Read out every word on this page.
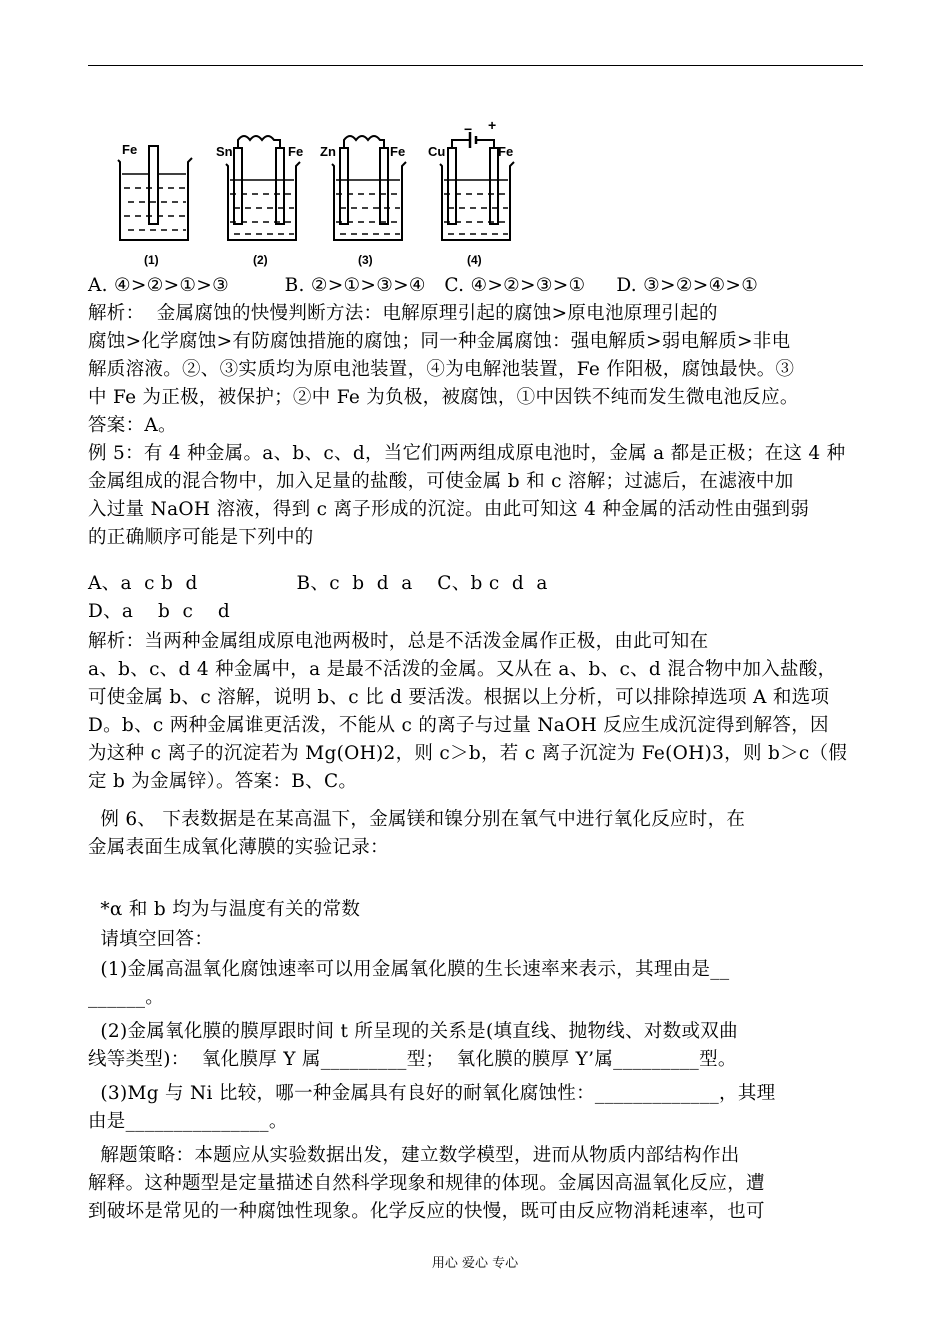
Fe
(1)
Sn	Fe
(2)
Zn	Fe
(3)
− +
Cu	Fe
(4)
A. ④>②>①>③         B. ②>①>③>④   C. ④>②>③>①     D. ③>②>④>①
解析：  金属腐蚀的快慢判断方法：电解原理引起的腐蚀>原电池原理引起的
腐蚀>化学腐蚀>有防腐蚀措施的腐蚀；同一种金属腐蚀：强电解质>弱电解质>非电
解质溶液。②、③实质均为原电池装置，④为电解池装置，Fe 作阳极，腐蚀最快。③
中 Fe 为正极，被保护；②中 Fe 为负极，被腐蚀，①中因铁不纯而发生微电池反应。
答案：A。
例 5：有 4 种金属。a、b、c、d，当它们两两组成原电池时，金属 a 都是正极；在这 4 种
金属组成的混合物中，加入足量的盐酸，可使金属 b 和 c 溶解；过滤后，在滤液中加
入过量 NaOH 溶液，得到 c 离子形成的沉淀。由此可知这 4 种金属的活动性由强到弱
的正确顺序可能是下列中的
A、a  c b  d                B、c  b  d  a    C、b c  d  a
D、a    b  c    d
解析：当两种金属组成原电池两极时，总是不活泼金属作正极，由此可知在
a、b、c、d 4 种金属中，a 是最不活泼的金属。又从在 a、b、c、d 混合物中加入盐酸，
可使金属 b、c 溶解，说明 b、c 比 d 要活泼。根据以上分析，可以排除掉选项 A 和选项
D。b、c 两种金属谁更活泼，不能从 c 的离子与过量 NaOH 反应生成沉淀得到解答，因
为这种 c 离子的沉淀若为 Mg(OH)2，则 c＞b，若 c 离子沉淀为 Fe(OH)3，则 b＞c（假
定 b 为金属锌）。答案：B、C。
例 6、 下表数据是在某高温下，金属镁和镍分别在氧气中进行氧化反应时，在
金属表面生成氧化薄膜的实验记录：
*α 和 b 均为与温度有关的常数
请填空回答：
(1)金属高温氧化腐蚀速率可以用金属氧化膜的生长速率来表示，其理由是__
______。
(2)金属氧化膜的膜厚跟时间 t 所呈现的关系是(填直线、抛物线、对数或双曲
线等类型)：  氧化膜厚 Y 属_________型；  氧化膜的膜厚 Y’属_________型。
(3)Mg 与 Ni 比较，哪一种金属具有良好的耐氧化腐蚀性：_____________，其理
由是_______________。
解题策略：本题应从实验数据出发，建立数学模型，进而从物质内部结构作出
解释。这种题型是定量描述自然科学现象和规律的体现。金属因高温氧化反应，遭
到破坏是常见的一种腐蚀性现象。化学反应的快慢，既可由反应物消耗速率，也可
用心 爱心 专心
